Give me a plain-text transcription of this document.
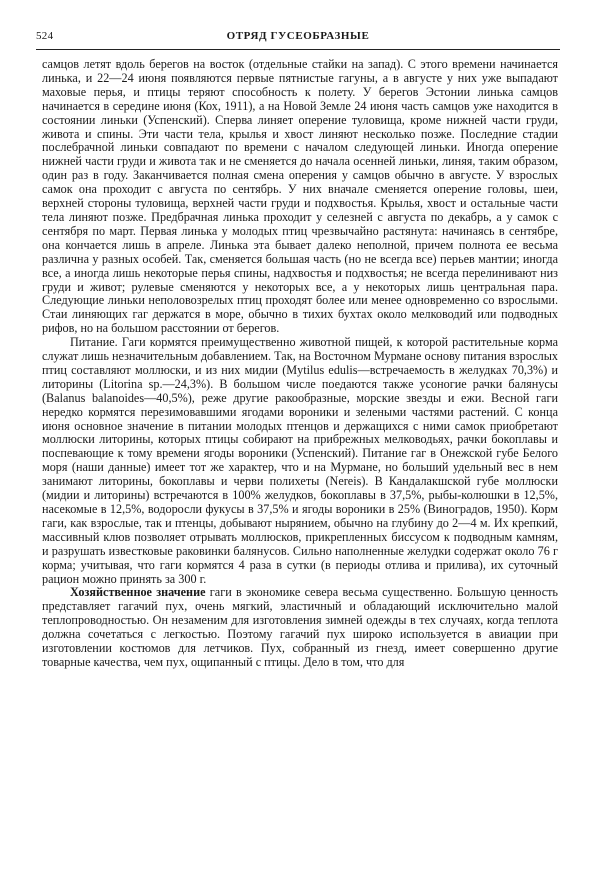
524	ОТРЯД ГУСЕОБРАЗНЫЕ

самцов летят вдоль берегов на восток (отдельные стайки на запад). С этого времени начинается линька, и 22—24 июня появляются первые пятнистые гагуны, а в августе у них уже выпадают маховые перья, и птицы теряют способность к полету. У берегов Эстонии линька самцов начинается в середине июня (Кох, 1911), а на Новой Земле 24 июня часть самцов уже находится в состоянии линьки (Успенский). Сперва линяет оперение туловища, кроме нижней части груди, живота и спины. Эти части тела, крылья и хвост линяют несколько позже. Последние стадии послебрачной линьки совпадают по времени с началом следующей линьки. Иногда оперение нижней части груди и живота так и не сменяется до начала осенней линьки, линяя, таким образом, один раз в году. Заканчивается полная смена оперения у самцов обычно в августе. У взрослых самок она проходит с августа по сентябрь. У них вначале сменяется оперение головы, шеи, верхней стороны туловища, верхней части груди и подхвостья. Крылья, хвост и остальные части тела линяют позже. Предбрачная линька проходит у селезней с августа по декабрь, а у самок с сентября по март. Первая линька у молодых птиц чрезвычайно растянута: начинаясь в сентябре, она кончается лишь в апреле. Линька эта бывает далеко неполной, причем полнота ее весьма различна у разных особей. Так, сменяется большая часть (но не всегда все) перьев мантии; иногда все, а иногда лишь некоторые перья спины, надхвостья и подхвостья; не всегда перелинивают низ груди и живот; рулевые сменяются у некоторых все, а у некоторых лишь центральная пара. Следующие линьки неполовозрелых птиц проходят более или менее одновременно со взрослыми. Стаи линяющих гаг держатся в море, обычно в тихих бухтах около мелководий или подводных рифов, но на большом расстоянии от берегов.

Питание. Гаги кормятся преимущественно животной пищей, к которой растительные корма служат лишь незначительным добавлением. Так, на Восточном Мурмане основу питания взрослых птиц составляют моллюски, и из них мидии (Mytilus edulis—встречаемость в желудках 70,3%) и литорины (Litorina sp.—24,3%). В большом числе поедаются также усоногие рачки балянусы (Balanus balanoides—40,5%), реже другие ракообразные, морские звезды и ежи. Весной гаги нередко кормятся перезимовавшими ягодами вороники и зелеными частями растений. С конца июня основное значение в питании молодых птенцов и держащихся с ними самок приобретают моллюски литорины, которых птицы собирают на прибрежных мелководьях, рачки бокоплавы и поспевающие к тому времени ягоды вороники (Успенский). Питание гаг в Онежской губе Белого моря (наши данные) имеет тот же характер, что и на Мурмане, но больший удельный вес в нем занимают литорины, бокоплавы и черви полихеты (Nereis). В Кандалакшской губе моллюски (мидии и литорины) встречаются в 100% желудков, бокоплавы в 37,5%, рыбы-колюшки в 12,5%, насекомые в 12,5%, водоросли фукусы в 37,5% и ягоды вороники в 25% (Виноградов, 1950). Корм гаги, как взрослые, так и птенцы, добывают нырянием, обычно на глубину до 2—4 м. Их крепкий, массивный клюв позволяет отрывать моллюсков, прикрепленных биссусом к подводным камням, и разрушать известковые раковинки балянусов. Сильно наполненные желудки содержат около 76 г корма; учитывая, что гаги кормятся 4 раза в сутки (в периоды отлива и прилива), их суточный рацион можно принять за 300 г.

Хозяйственное значение гаги в экономике севера весьма существенно. Большую ценность представляет гагачий пух, очень мягкий, эластичный и обладающий исключительно малой теплопроводностью. Он незаменим для изготовления зимней одежды в тех случаях, когда теплота должна сочетаться с легкостью. Поэтому гагачий пух широко используется в авиации при изготовлении костюмов для летчиков. Пух, собранный из гнезд, имеет совершенно другие товарные качества, чем пух, ощипанный с птицы. Дело в том, что для
